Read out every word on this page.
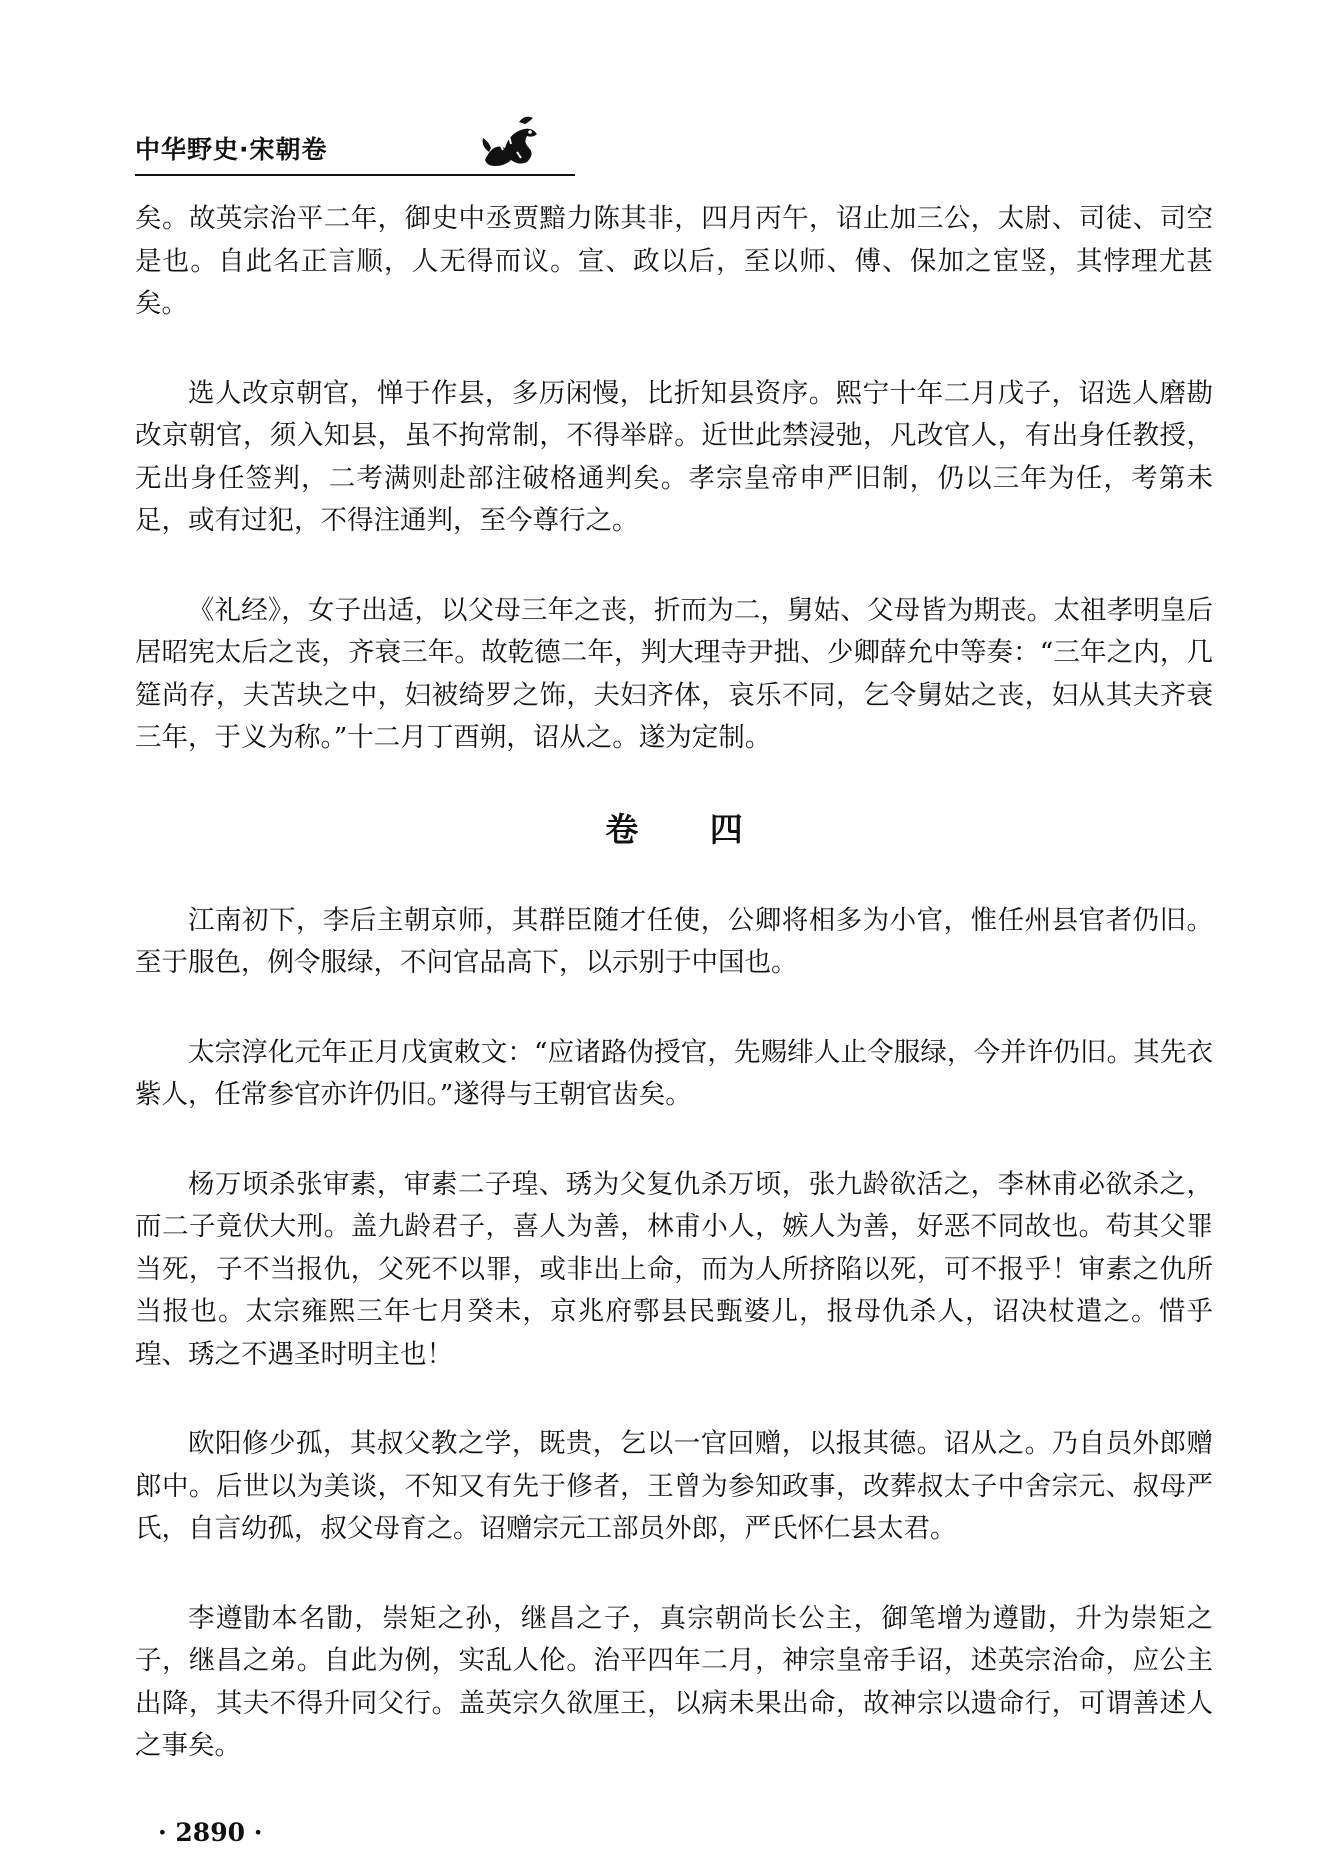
中华野史·宋朝卷

矣。故英宗治平二年，御史中丞贾黯力陈其非，四月丙午，诏止加三公，太尉、司徒、司空是也。自此名正言顺，人无得而议。宣、政以后，至以师、傅、保加之宦竖，其悖理尤甚矣。

选人改京朝官，惮于作县，多历闲慢，比折知县资序。熙宁十年二月戊子，诏选人磨勘改京朝官，须入知县，虽不拘常制，不得举辟。近世此禁浸弛，凡改官人，有出身任教授，无出身任签判，二考满则赴部注破格通判矣。孝宗皇帝申严旧制，仍以三年为任，考第未足，或有过犯，不得注通判，至今尊行之。

《礼经》，女子出适，以父母三年之丧，折而为二，舅姑、父母皆为期丧。太祖孝明皇后居昭宪太后之丧，齐衰三年。故乾德二年，判大理寺尹拙、少卿薛允中等奏：“三年之内，几筵尚存，夫苫块之中，妇被绮罗之饰，夫妇齐体，哀乐不同，乞令舅姑之丧，妇从其夫齐衰三年，于义为称。”十二月丁酉朔，诏从之。遂为定制。

卷 四

江南初下，李后主朝京师，其群臣随才任使，公卿将相多为小官，惟任州县官者仍旧。至于服色，例令服绿，不问官品高下，以示别于中国也。

太宗淳化元年正月戊寅敕文：“应诸路伪授官，先赐绯人止令服绿，今并许仍旧。其先衣紫人，任常参官亦许仍旧。”遂得与王朝官齿矣。

杨万顷杀张审素，审素二子瑝、琇为父复仇杀万顷，张九龄欲活之，李林甫必欲杀之，而二子竟伏大刑。盖九龄君子，喜人为善，林甫小人，嫉人为善，好恶不同故也。苟其父罪当死，子不当报仇，父死不以罪，或非出上命，而为人所挤陷以死，可不报乎！审素之仇所当报也。太宗雍熙三年七月癸未，京兆府鄠县民甄婆儿，报母仇杀人，诏决杖遣之。惜乎瑝、琇之不遇圣时明主也！

欧阳修少孤，其叔父教之学，既贵，乞以一官回赠，以报其德。诏从之。乃自员外郎赠郎中。后世以为美谈，不知又有先于修者，王曾为参知政事，改葬叔太子中舍宗元、叔母严氏，自言幼孤，叔父母育之。诏赠宗元工部员外郎，严氏怀仁县太君。

李遵勖本名勖，崇矩之孙，继昌之子，真宗朝尚长公主，御笔增为遵勖，升为崇矩之子，继昌之弟。自此为例，实乱人伦。治平四年二月，神宗皇帝手诏，述英宗治命，应公主出降，其夫不得升同父行。盖英宗久欲厘王，以病未果出命，故神宗以遗命行，可谓善述人之事矣。

· 2890 ·
